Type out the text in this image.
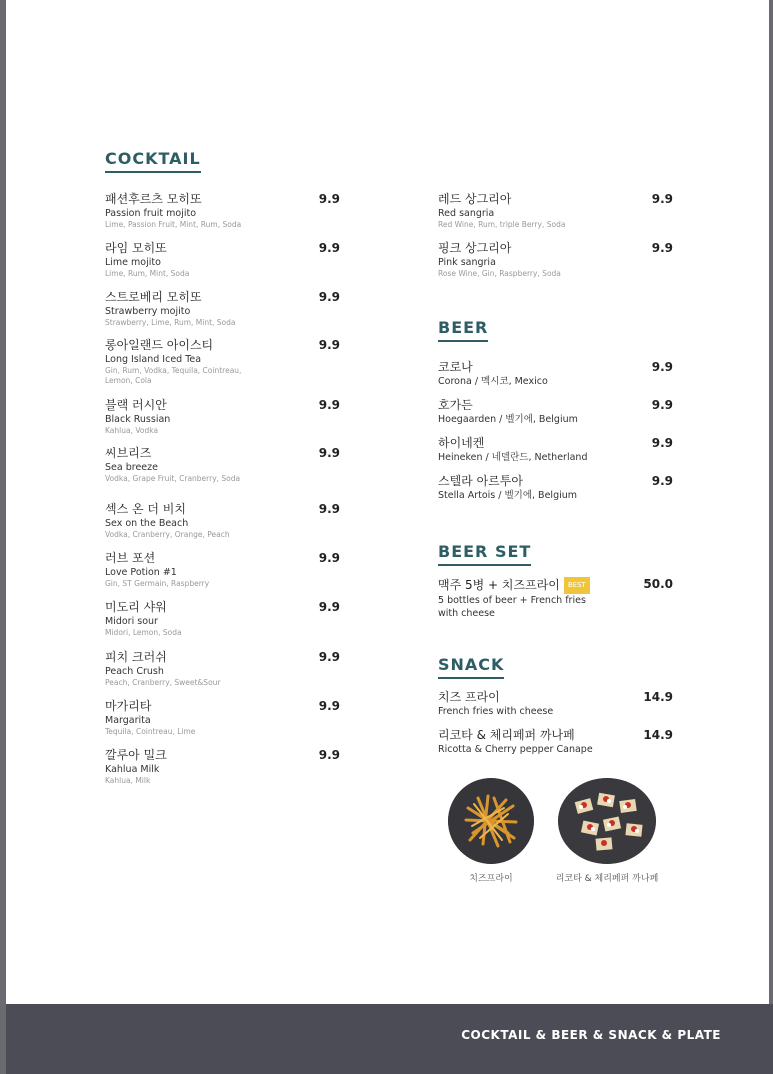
COCKTAIL
패션후르츠 모히또
Passion fruit mojito
Lime, Passion Fruit, Mint, Rum, Soda
9.9
라임 모히또
Lime mojito
Lime, Rum, Mint, Soda
9.9
스트로베리 모히또
Strawberry mojito
Strawberry, Lime, Rum, Mint, Soda
9.9
롱아일랜드 아이스티
Long Island Iced Tea
Gin, Rum, Vodka, Tequila, Cointreau, Lemon, Cola
9.9
블랙 러시안
Black Russian
Kahlua, Vodka
9.9
씨브리즈
Sea breeze
Vodka, Grape Fruit, Cranberry, Soda
9.9
섹스 온 더 비치
Sex on the Beach
Vodka, Cranberry, Orange, Peach
9.9
러브 포션
Love Potion #1
Gin, ST Germain, Raspberry
9.9
미도리 샤워
Midori sour
Midori, Lemon, Soda
9.9
피치 크러쉬
Peach Crush
Peach, Cranberry, Sweet&Sour
9.9
마가리타
Margarita
Tequila, Cointreau, Lime
9.9
깔루아 밀크
Kahlua Milk
Kahlua, Milk
9.9
레드 상그리아
Red sangria
Red Wine, Rum, triple Berry, Soda
9.9
핑크 상그리아
Pink sangria
Rose Wine, Gin, Raspberry, Soda
9.9
BEER
코로나
Corona / 멕시코, Mexico
9.9
호가든
Hoegaarden / 벨기에, Belgium
9.9
하이네켄
Heineken / 네델란드, Netherland
9.9
스텔라 아르투아
Stella Artois / 벨기에, Belgium
9.9
BEER SET
맥주 5병 + 치즈프라이 BEST
5 bottles of beer + French fries
with cheese
50.0
SNACK
치즈 프라이
French fries with cheese
14.9
리코타 & 체리페퍼 까나페
Ricotta & Cherry pepper Canape
14.9
치즈프라이	리코타 & 체리페퍼 까나페
COCKTAIL & BEER & SNACK & PLATE
